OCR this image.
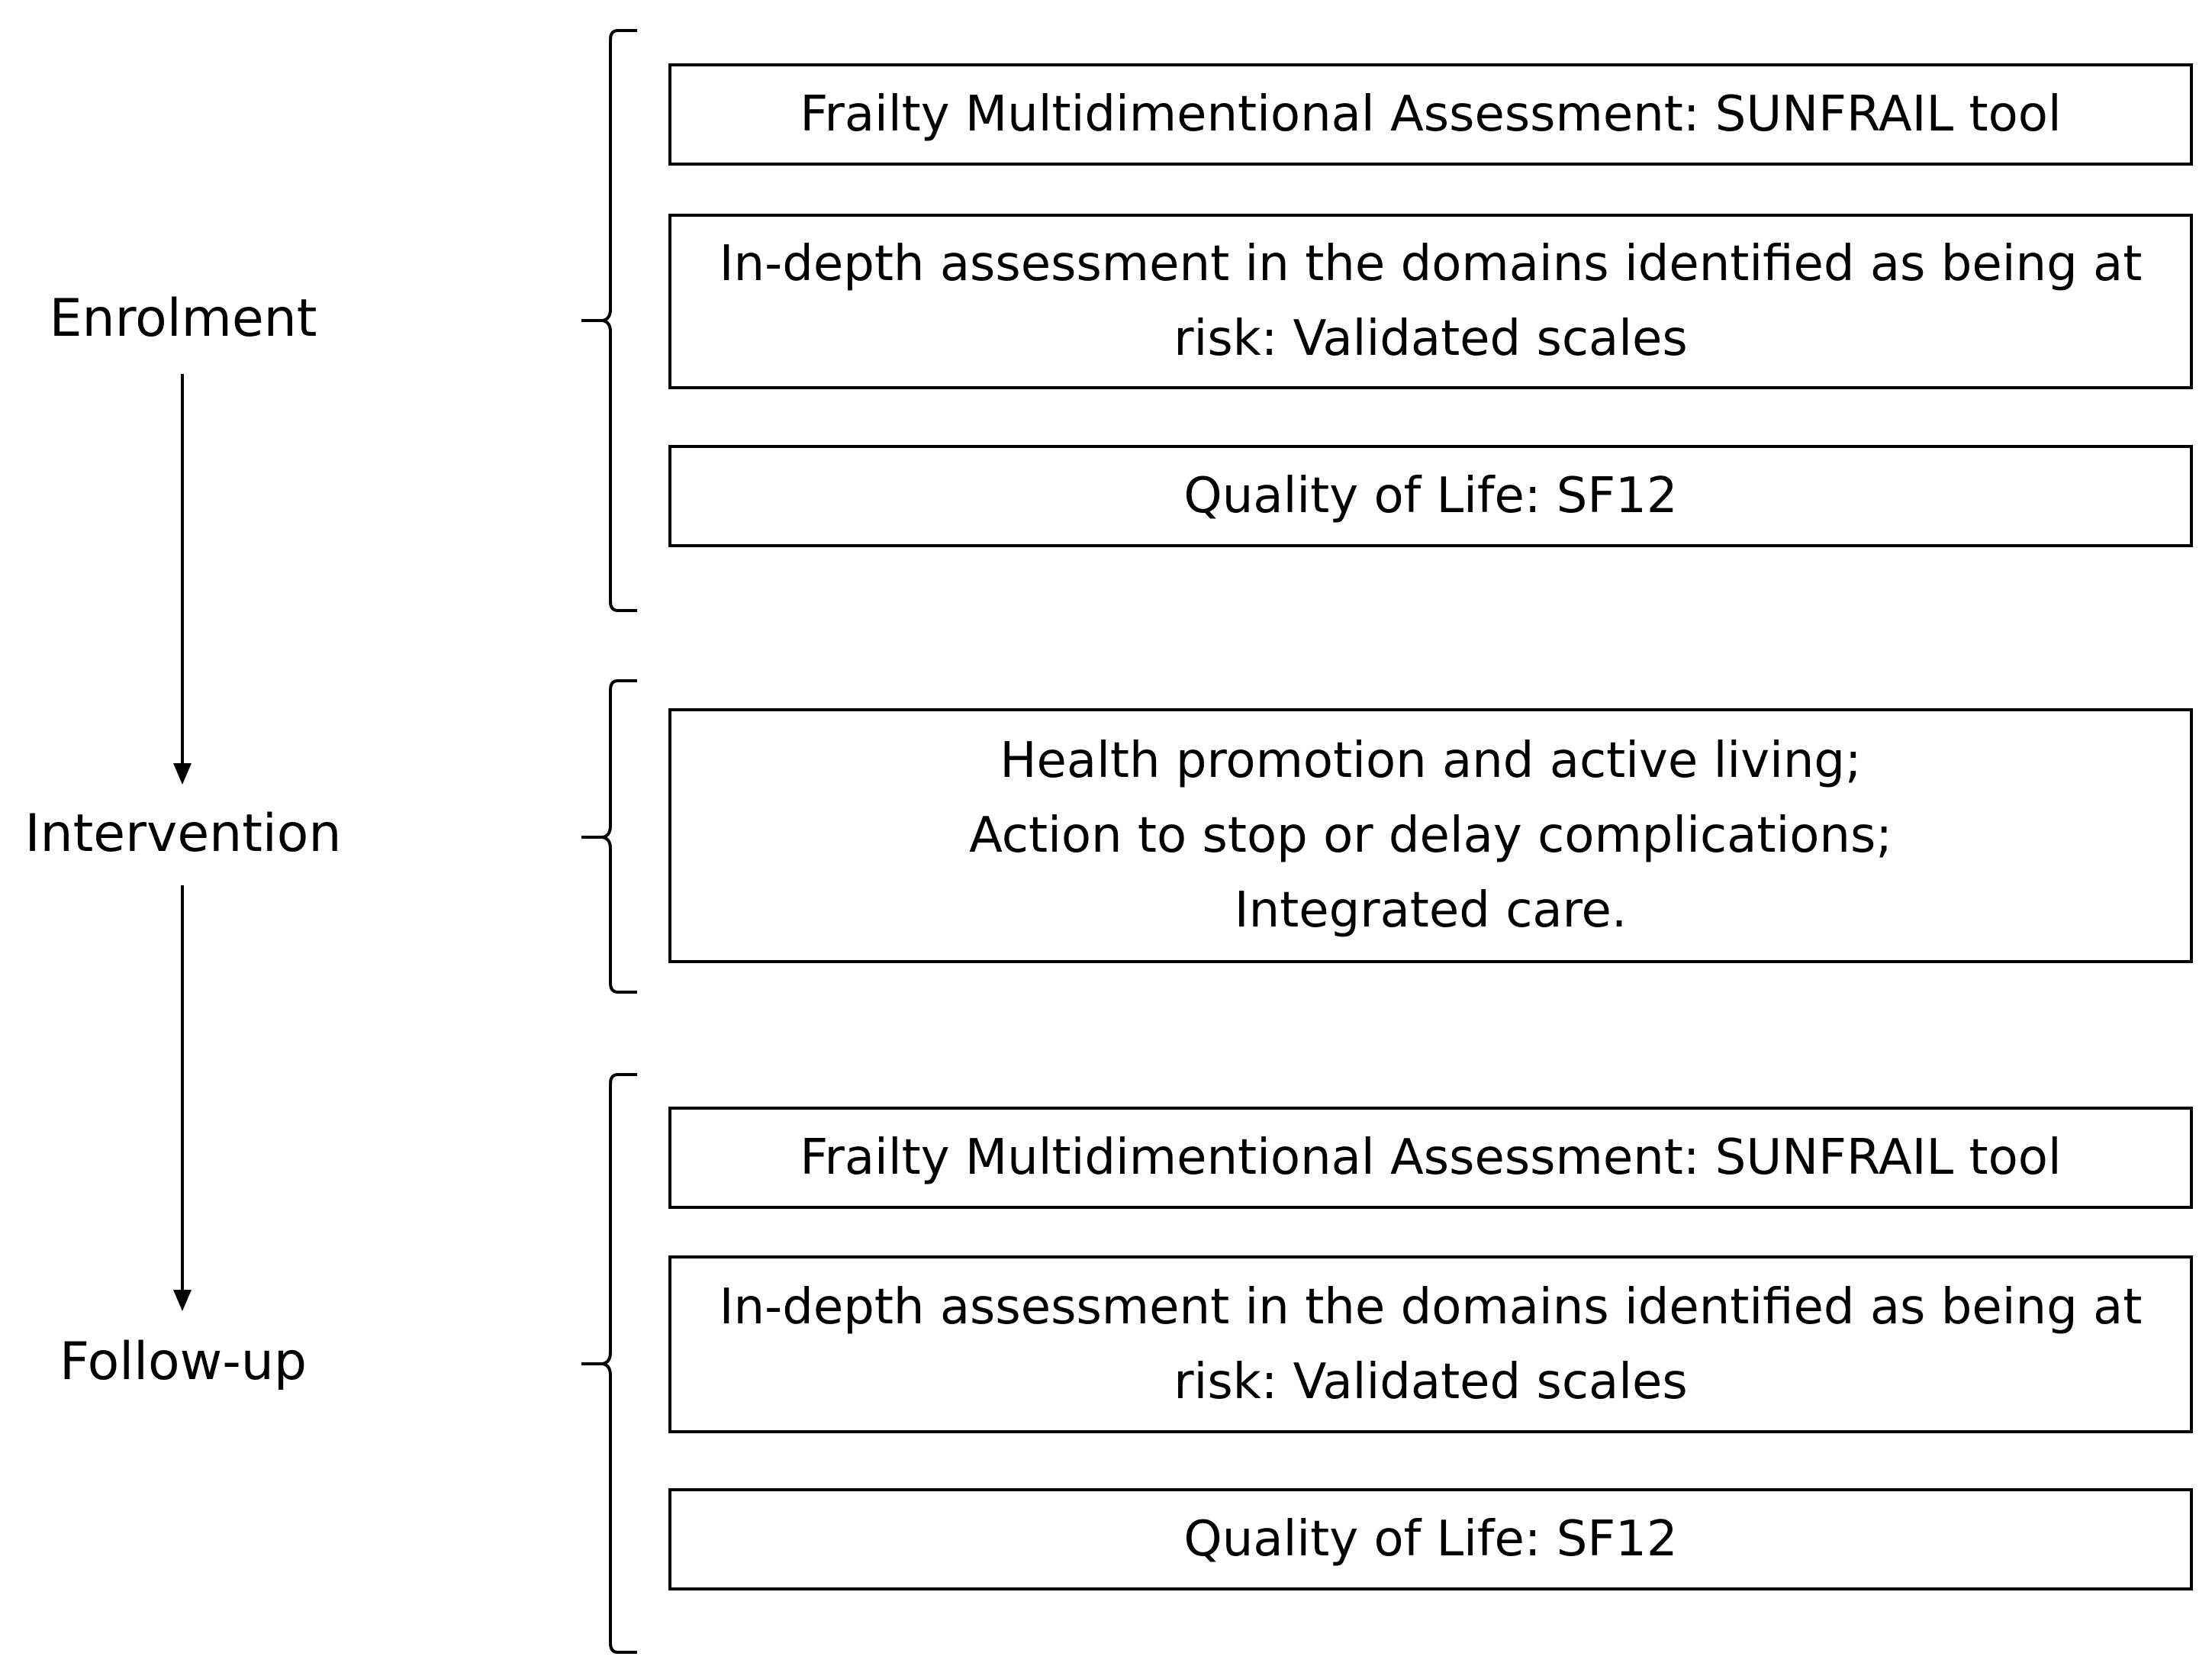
Enrolment
Intervention
Follow-up
Frailty Multidimentional Assessment: SUNFRAIL tool
In-depth assessment in the domains identified as being at
risk: Validated scales
Quality of Life: SF12
Health promotion and active living;
Action to stop or delay complications;
Integrated care.
Frailty Multidimentional Assessment: SUNFRAIL tool
In-depth assessment in the domains identified as being at
risk: Validated scales
Quality of Life: SF12
